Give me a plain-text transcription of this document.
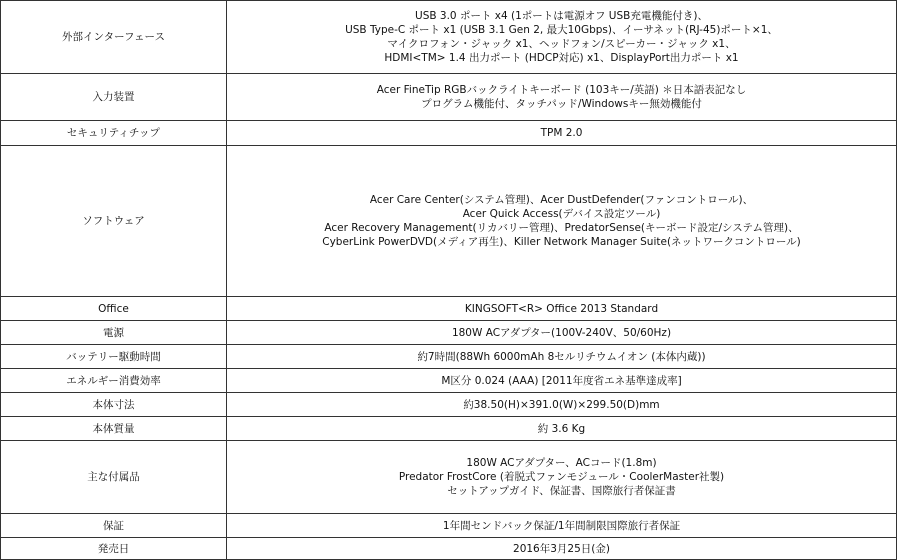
外部インターフェース	USB 3.0 ポート x4 (1ポートは電源オフ USB充電機能付き)、
USB Type-C ポート x1 (USB 3.1 Gen 2, 最大10Gbps)、イーサネット(RJ-45)ポート×1、
マイクロフォン・ジャック x1、ヘッドフォン/スピーカー・ジャック x1、
HDMI<TM> 1.4 出力ポート (HDCP対応) x1、DisplayPort出力ポート x1

入力装置	Acer FineTip RGBバックライトキーボード (103キー/英語) ＊日本語表記なし
プログラム機能付、タッチパッド/Windowsキー無効機能付

セキュリティチップ	TPM 2.0

ソフトウェア	Acer Care Center(システム管理)、Acer DustDefender(ファンコントロール)、
Acer Quick Access(デバイス設定ツール)
Acer Recovery Management(リカバリー管理)、PredatorSense(キーボード設定/システム管理)、
CyberLink PowerDVD(メディア再生)、Killer Network Manager Suite(ネットワークコントロール)

Office	KINGSOFT<R> Office 2013 Standard

電源	180W ACアダプター(100V-240V、50/60Hz)

バッテリー駆動時間	約7時間(88Wh 6000mAh 8セルリチウムイオン (本体内蔵))

エネルギー消費効率	M区分 0.024 (AAA) [2011年度省エネ基準達成率]

本体寸法	約38.50(H)×391.0(W)×299.50(D)mm

本体質量	約 3.6 Kg

主な付属品	180W ACアダプター、ACコード(1.8m)
Predator FrostCore (着脱式ファンモジュール・CoolerMaster社製)
セットアップガイド、保証書、国際旅行者保証書

保証	1年間センドバック保証/1年間制限国際旅行者保証

発売日	2016年3月25日(金)
